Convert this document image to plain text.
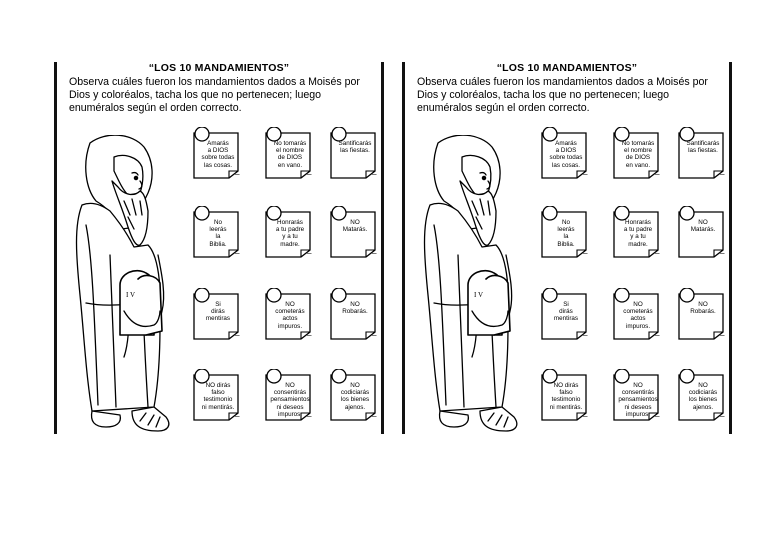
“LOS 10 MANDAMIENTOS”

Observa cuáles fueron los mandamientos dados a Moisés por Dios y coloréalos, tacha los que no pertenecen; luego enuméralos según el orden correcto.

I V
Amarás
a DIOS
sobre todas
las cosas.
_
No tomarás
el nombre
de DIOS
en vano.
_
Santificarás
las fiestas.
_
No
leerás
la
Biblia.
_
Honrarás
a tu padre
y a tu
madre.
_
NO
Matarás.
_
Si
dirás
mentiras
_
NO
cometerás
actos
impuros.
_
NO
Robarás.
_
NO dirás
falso
testimonio
ni mentirás.
_
NO
consentirás
pensamientos
ni deseos
impuros. _
NO
codiciarás
los bienes
ajenos.
_
“LOS 10 MANDAMIENTOS”

Observa cuáles fueron los mandamientos dados a Moisés por Dios y coloréalos, tacha los que no pertenecen; luego enuméralos según el orden correcto.

I V
Amarás
a DIOS
sobre todas
las cosas.
_
No tomarás
el nombre
de DIOS
en vano.
_
Santificarás
las fiestas.
_
No
leerás
la
Biblia.
_
Honrarás
a tu padre
y a tu
madre.
_
NO
Matarás.
_
Si
dirás
mentiras
_
NO
cometerás
actos
impuros.
_
NO
Robarás.
_
NO dirás
falso
testimonio
ni mentirás.
_
NO
consentirás
pensamientos
ni deseos
impuros. _
NO
codiciarás
los bienes
ajenos.
_
